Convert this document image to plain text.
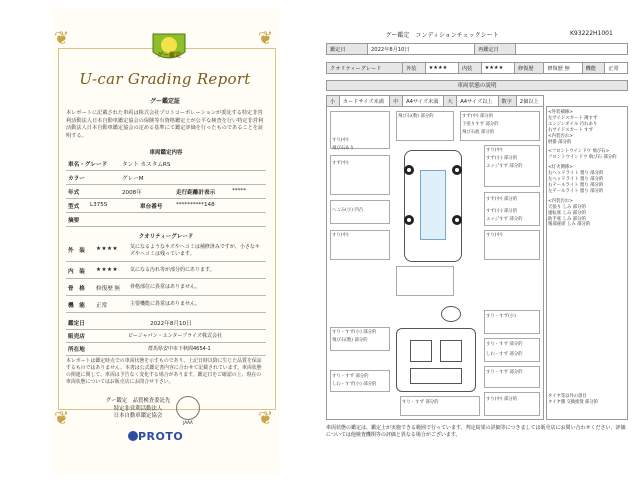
❦	❦
❦	❦
グー鑑定
U-car Grading Report
グー鑑定証
本レポートに記載された車両は株式会社プロトコーポレーションが委託する特定非営利活動法人日本自動車鑑定協会の保険等有資格鑑定士が公平な検査を行い特定非営利活動法人日本自動車鑑定協会の定める基準にて鑑定評価を行ったものであることを証明する。
車両鑑定内容
車名・グレード	タント カスタムRS
カラー	グレーM
年式	2008年	走行距離計表示	*****
型式 L375S	車台番号 **********148
摘要
クオリティーグレード
外　装 ★★★★ 気になるようなキズやヘコミは補修済みですが、小さなキズやヘコミは残っています。
内　装 ★★★★ 気になる汚れ等が部分的にあります。
骨　格 修復歴 無 骨格部位に異常はありません。
機　能 正常	主要機能に異常はありません。
鑑定日	2022年8月10日
販売店	ビージャパン・エンタープライズ株式会社
所在地	群馬県安中市下秋間4654-1
本レポートは鑑定時点での車両状態を示すものであり、上記日時以降に生じた品質を保証するものではありません。本書は公式鑑定書内容に合わせて記載されています。車両状態の関連に関して、車両は予告なく変化する場合があります。鑑定日をご確認の上、現在の車両状態についてはお販売店にお問合せ下さい。
グー鑑定　品質検査委託先
特定非営利活動法人
日本自動車鑑定協会
JAAA
PROTO
グー鑑定　コンディションチェックシート	K93222H1001
鑑定日	2022年8月10日	再鑑定日	
クオリティーグレード	外装	★★★★	内装	★★★★	修復歴	修復歴 無	機能	正常
車両状態の説明
小	カードサイズ未満	中	A4サイズ未満	大	A4サイズ以上	数字	2個以上
飛び石(数) 部分的	すず(中) 部分的
下塗りすず 部分的
飛び石痕 部分的
すり(中)
飛び石あり	すり(中)
すず(小) 部分的
すず(中)
エッジすず 部分的
へこみ(小) 凹凸
すず(中) 部分的
すず(小) 部分的
エッジすず 部分的
すり(中)	すり(中)
すり・すず(小) 部分的
飛び石(数) 部分的
すり・すず(小)
すり・すず 部分的
しわ・すず 部分的
すり・すず 部分的
しわ・すず(小) 部分的
すり・すず 部分的
すり・すず 部分的
すり(中) 部分的
<外装補修>
左サイドスカート 薄すず
エンジンオイル 汚れあり
右サイドスカート すず
<内装汚れ>
肘掛 部分的
<フロントウインドウ 飛び石>
フロントウインドウ 飛び石 部分的
<灯火関係>
右ヘッドライト 曇り 部分的
左ヘッドライト 曇り 部分的
右テールライト 曇り 部分的
左テールライト 曇り 部分的
<内装汚れ>
天張り しみ 部分的
運転席 しみ 部分的
助手席 しみ 部分的
後部座席 しみ 部分的
タイヤ等以外の項目
タイヤ溝 交換推奨 部分的
車両状態の鑑定は、鑑定士が実施できる範囲で行っています。判定結果の詳細等につきましては販売店にお問い合わせください。評価については他検査機関等の評価と異なる場合がございます。
